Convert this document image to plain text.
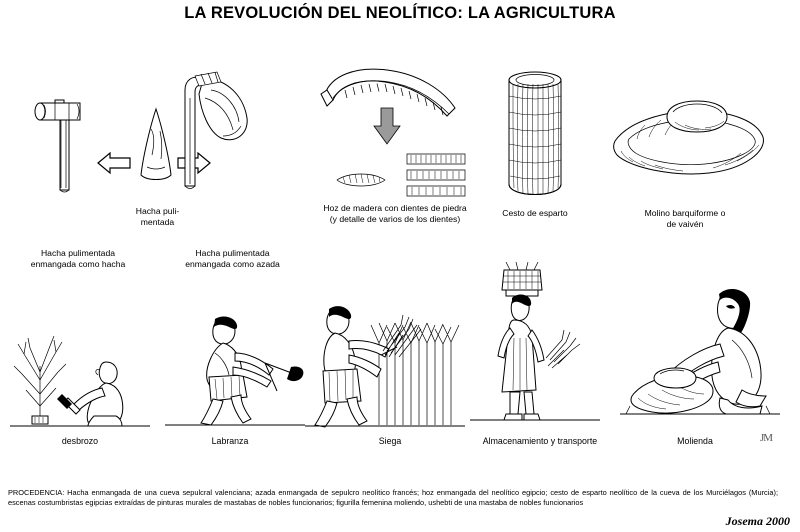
LA REVOLUCIÓN DEL NEOLÍTICO: LA AGRICULTURA
Hacha pulimentada
enmangada como hacha
Hacha puli-
mentada
Hacha pulimentada
enmangada como azada
Hoz de madera con dientes de piedra
(y detalle de varios de los dientes)
Cesto de esparto	Molino barquiforme o
de vaivén
desbrozo	Labranza	Siega	Almacenamiento y transporte	Molienda	JM
PROCEDENCIA: Hacha enmangada de una cueva sepulcral valenciana; azada enmangada de sepulcro neolítico francés; hoz enmangada del neolítico egipcio; cesto de esparto neolítico de la cueva de los Murciélagos (Murcia); escenas costumbristas egipcias extraídas de pinturas murales de mastabas de nobles funcionarios; figurilla femenina moliendo, ushebti de una mastaba de nobles funcionarios
Josema 2000
